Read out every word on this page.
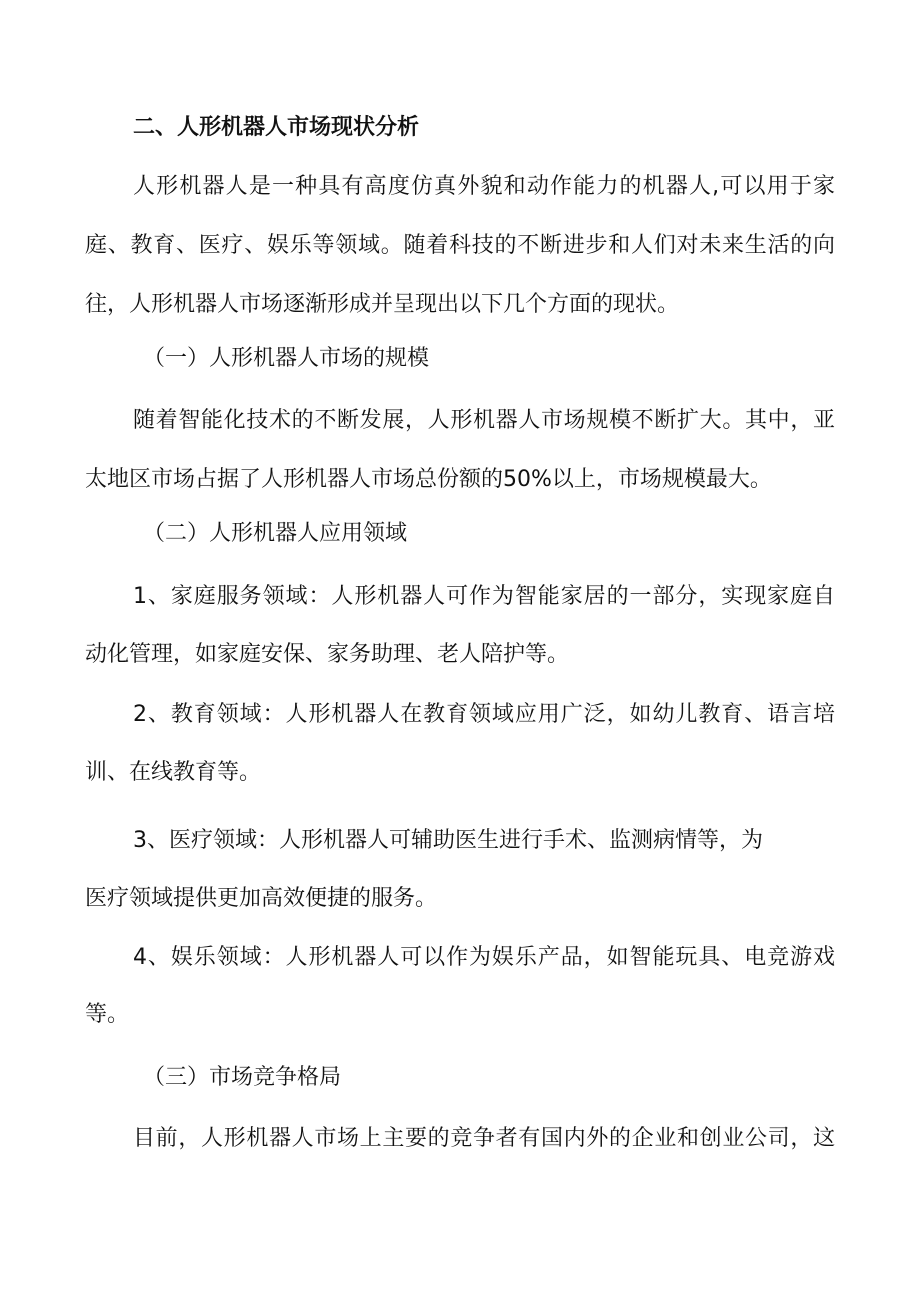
二、人形机器人市场现状分析
人形机器人是一种具有高度仿真外貌和动作能力的机器人,可以用于家
庭、教育、医疗、娱乐等领域。随着科技的不断进步和人们对未来生活的向
往，人形机器人市场逐渐形成并呈现出以下几个方面的现状。
（一）人形机器人市场的规模
随着智能化技术的不断发展，人形机器人市场规模不断扩大。其中，亚
太地区市场占据了人形机器人市场总份额的50%以上，市场规模最大。
（二）人形机器人应用领域
1、家庭服务领域：人形机器人可作为智能家居的一部分，实现家庭自
动化管理，如家庭安保、家务助理、老人陪护等。
2、教育领域：人形机器人在教育领域应用广泛，如幼儿教育、语言培
训、在线教育等。
3、医疗领域：人形机器人可辅助医生进行手术、监测病情等，为
医疗领域提供更加高效便捷的服务。
4、娱乐领域：人形机器人可以作为娱乐产品，如智能玩具、电竞游戏
等。
（三）市场竞争格局
目前，人形机器人市场上主要的竞争者有国内外的企业和创业公司，这
